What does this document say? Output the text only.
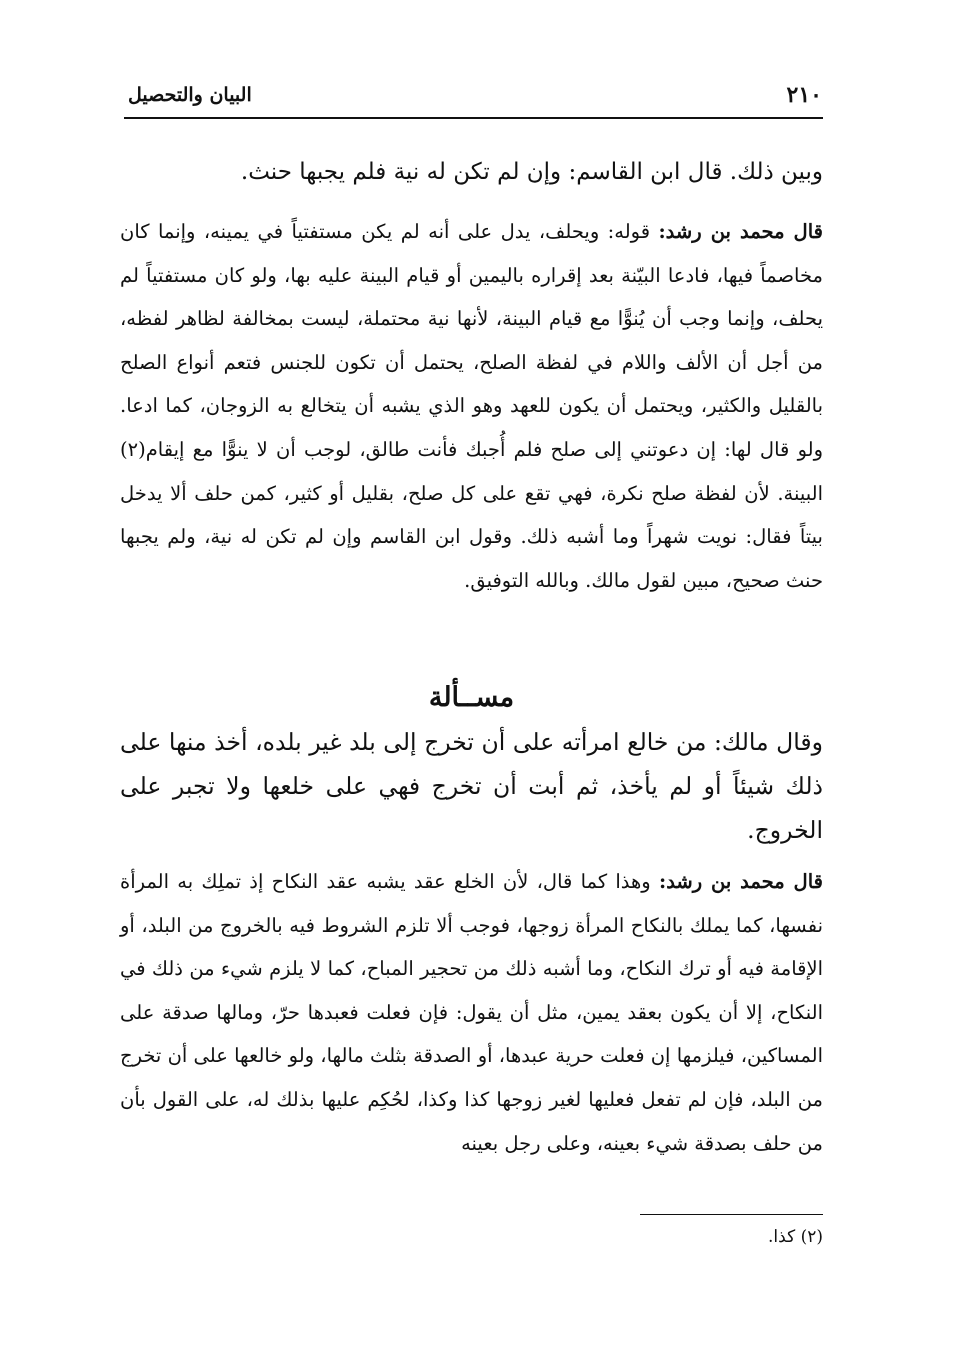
٢١٠
البيان والتحصيل

وبين ذلك. قال ابن القاسم: وإن لم تكن له نية فلم يجبها حنث.

قال محمد بن رشد: قوله: ويحلف، يدل على أنه لم يكن مستفتياً في يمينه، وإنما كان مخاصماً فيها، فادعا البيّنة بعد إقراره باليمين أو قيام البينة عليه بها، ولو كان مستفتياً لم يحلف، وإنما وجب أن يُنوًّا مع قيام البينة، لأنها نية محتملة، ليست بمخالفة لظاهر لفظه، من أجل أن الألف واللام في لفظة الصلح، يحتمل أن تكون للجنس فتعم أنواع الصلح بالقليل والكثير، ويحتمل أن يكون للعهد وهو الذي يشبه أن يتخالع به الزوجان، كما ادعا. ولو قال لها: إن دعوتني إلى صلح فلم أُجبك فأنت طالق، لوجب أن لا ينوًّا مع إيقام(٢) البينة. لأن لفظة صلح نكرة، فهي تقع على كل صلح، بقليل أو كثير، كمن حلف ألا يدخل بيتاً فقال: نويت شهراً وما أشبه ذلك. وقول ابن القاسم وإن لم تكن له نية، ولم يجبها حنث صحيح، مبين لقول مالك. وبالله التوفيق.

مســألة

وقال مالك: من خالع امرأته على أن تخرج إلى بلد غير بلده، أخذ منها على ذلك شيئاً أو لم يأخذ، ثم أبت أن تخرج فهي على خلعها ولا تجبر على الخروج.

قال محمد بن رشد: وهذا كما قال، لأن الخلع عقد يشبه عقد النكاح إذ تملِك به المرأة نفسها، كما يملك بالنكاح المرأة زوجها، فوجب ألا تلزم الشروط فيه بالخروج من البلد، أو الإقامة فيه أو ترك النكاح، وما أشبه ذلك من تحجير المباح، كما لا يلزم شيء من ذلك في النكاح، إلا أن يكون بعقد يمين، مثل أن يقول: فإن فعلت فعبدها حرّ، ومالها صدقة على المساكين، فيلزمها إن فعلت حرية عبدها، أو الصدقة بثلث مالها، ولو خالعها على أن تخرج من البلد، فإن لم تفعل فعليها لغير زوجها كذا وكذا، لحُكِم عليها بذلك له، على القول بأن من حلف بصدقة شيء بعينه، وعلى رجل بعينه

(٢) كذا.
